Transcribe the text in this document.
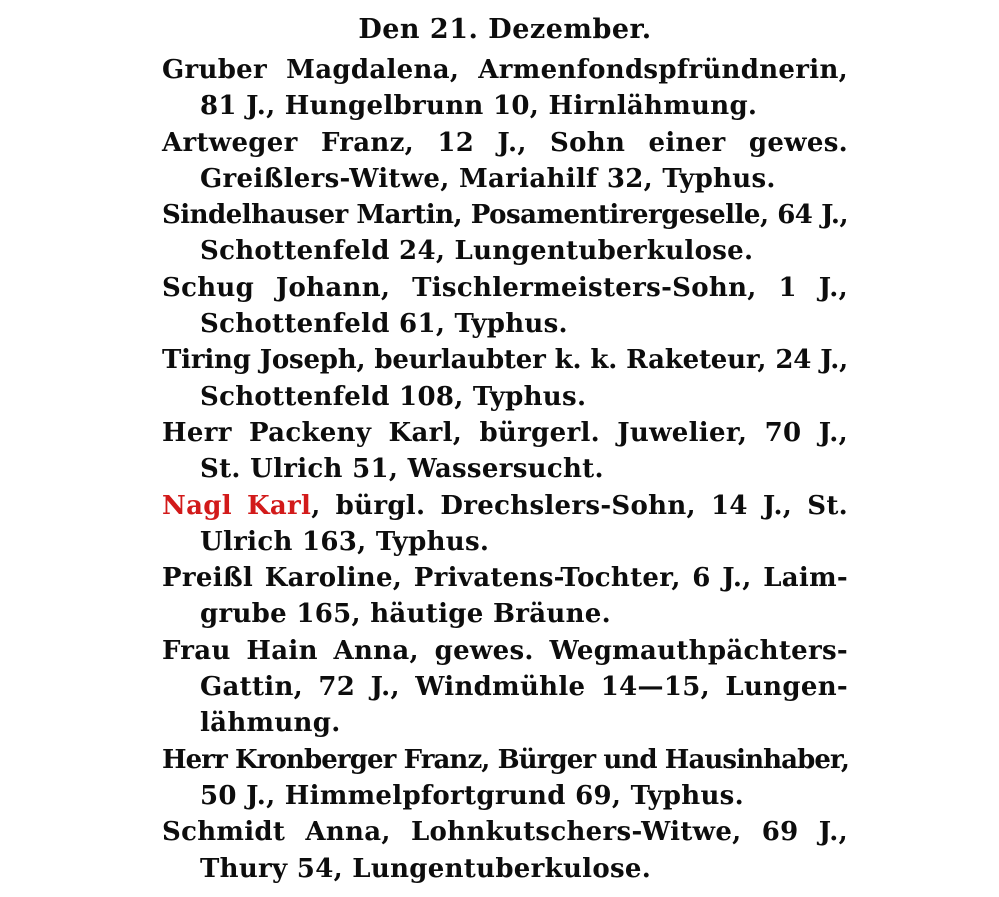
Den 21. Dezember.
Gruber Magdalena, Armenfondspfründnerin,
81 J., Hungelbrunn 10, Hirnlähmung.
Artweger Franz, 12 J., Sohn einer gewes.
Greißlers-Witwe, Mariahilf 32, Typhus.
Sindelhauser Martin, Posamentirergeselle, 64 J.,
Schottenfeld 24, Lungentuberkulose.
Schug Johann, Tischlermeisters-Sohn, 1 J.,
Schottenfeld 61, Typhus.
Tiring Joseph, beurlaubter k. k. Raketeur, 24 J.,
Schottenfeld 108, Typhus.
Herr Packeny Karl, bürgerl. Juwelier, 70 J.,
St. Ulrich 51, Wassersucht.
Nagl Karl, bürgl. Drechslers-Sohn, 14 J., St.
Ulrich 163, Typhus.
Preißl Karoline, Privatens-Tochter, 6 J., Laim-
grube 165, häutige Bräune.
Frau Hain Anna, gewes. Wegmauthpächters-
Gattin, 72 J., Windmühle 14—15, Lungen-
lähmung.
Herr Kronberger Franz, Bürger und Hausinhaber,
50 J., Himmelpfortgrund 69, Typhus.
Schmidt Anna, Lohnkutschers-Witwe, 69 J.,
Thury 54, Lungentuberkulose.
